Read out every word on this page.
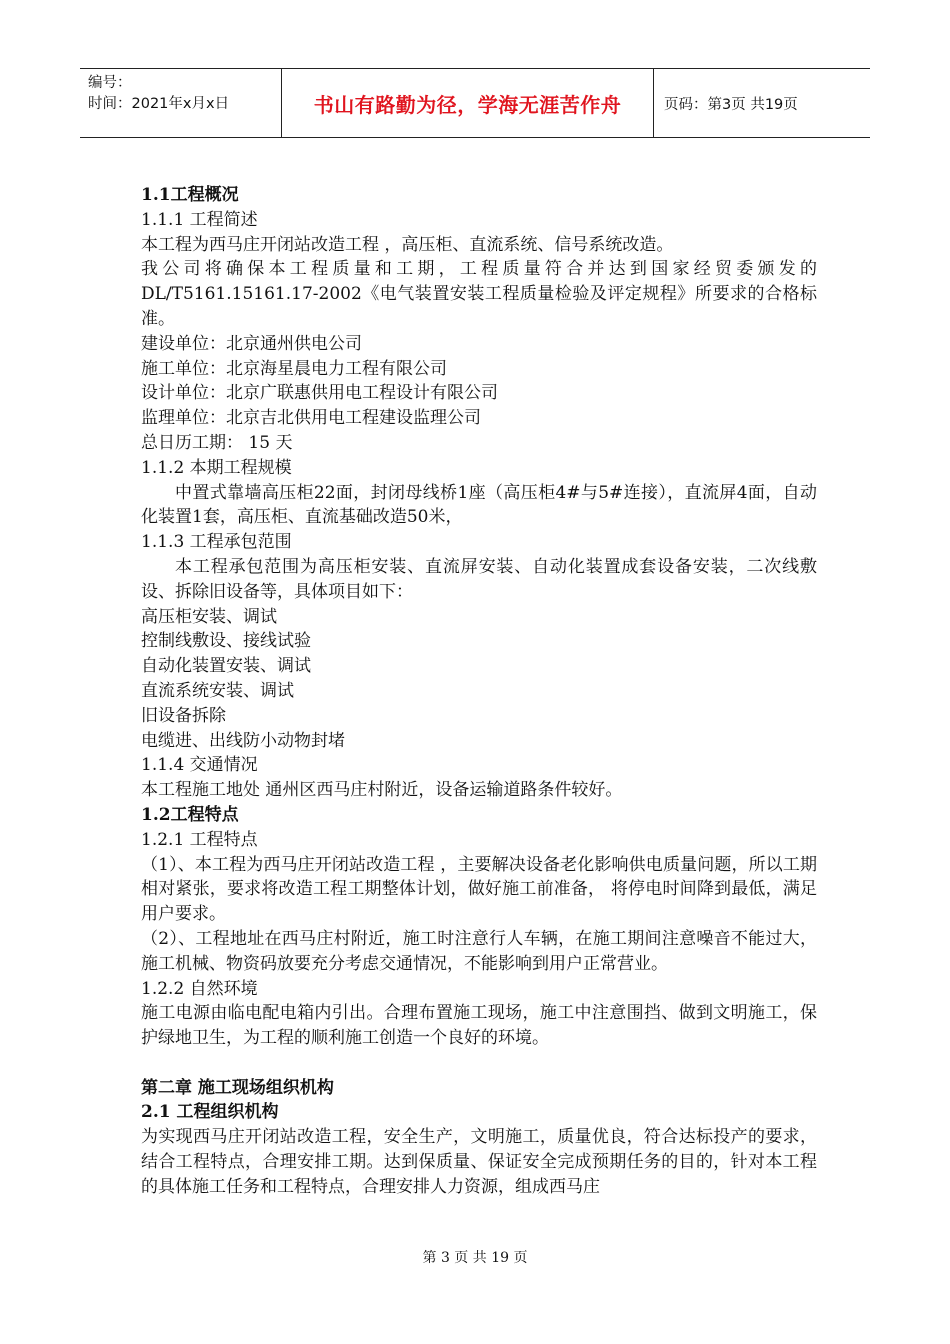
编号：
时间：2021年x月x日	书山有路勤为径，学海无涯苦作舟	页码：第3页 共19页

1.1工程概况

1.1.1 工程简述

本工程为西马庄开闭站改造工程 ，高压柜、直流系统、信号系统改造。

我公司将确保本工程质量和工期，工程质量符合并达到国家经贸委颁发的DL/T5161.15161.17-2002《电气装置安装工程质量检验及评定规程》所要求的合格标准。

建设单位：北京通州供电公司

施工单位：北京海星晨电力工程有限公司

设计单位：北京广联惠供用电工程设计有限公司

监理单位：北京吉北供用电工程建设监理公司

总日历工期： 15 天

1.1.2 本期工程规模

中置式靠墙高压柜22面，封闭母线桥1座（高压柜4#与5#连接），直流屏4面，自动化装置1套，高压柜、直流基础改造50米，

1.1.3 工程承包范围

本工程承包范围为高压柜安装、直流屏安装、自动化装置成套设备安装，二次线敷设、拆除旧设备等，具体项目如下：

高压柜安装、调试

控制线敷设、接线试验

自动化装置安装、调试

直流系统安装、调试

旧设备拆除

电缆进、出线防小动物封堵

1.1.4 交通情况

本工程施工地处 通州区西马庄村附近，设备运输道路条件较好。

1.2工程特点

1.2.1 工程特点

（1）、本工程为西马庄开闭站改造工程 ，主要解决设备老化影响供电质量问题，所以工期相对紧张，要求将改造工程工期整体计划，做好施工前准备， 将停电时间降到最低，满足用户要求。

（2）、工程地址在西马庄村附近，施工时注意行人车辆，在施工期间注意噪音不能过大，施工机械、物资码放要充分考虑交通情况，不能影响到用户正常营业。

1.2.2 自然环境

施工电源由临电配电箱内引出。合理布置施工现场，施工中注意围挡、做到文明施工，保护绿地卫生，为工程的顺利施工创造一个良好的环境。

第二章 施工现场组织机构

2.1 工程组织机构

为实现西马庄开闭站改造工程，安全生产，文明施工，质量优良，符合达标投产的要求，结合工程特点，合理安排工期。达到保质量、保证安全完成预期任务的目的，针对本工程的具体施工任务和工程特点，合理安排人力资源，组成西马庄

第 3 页 共 19 页
